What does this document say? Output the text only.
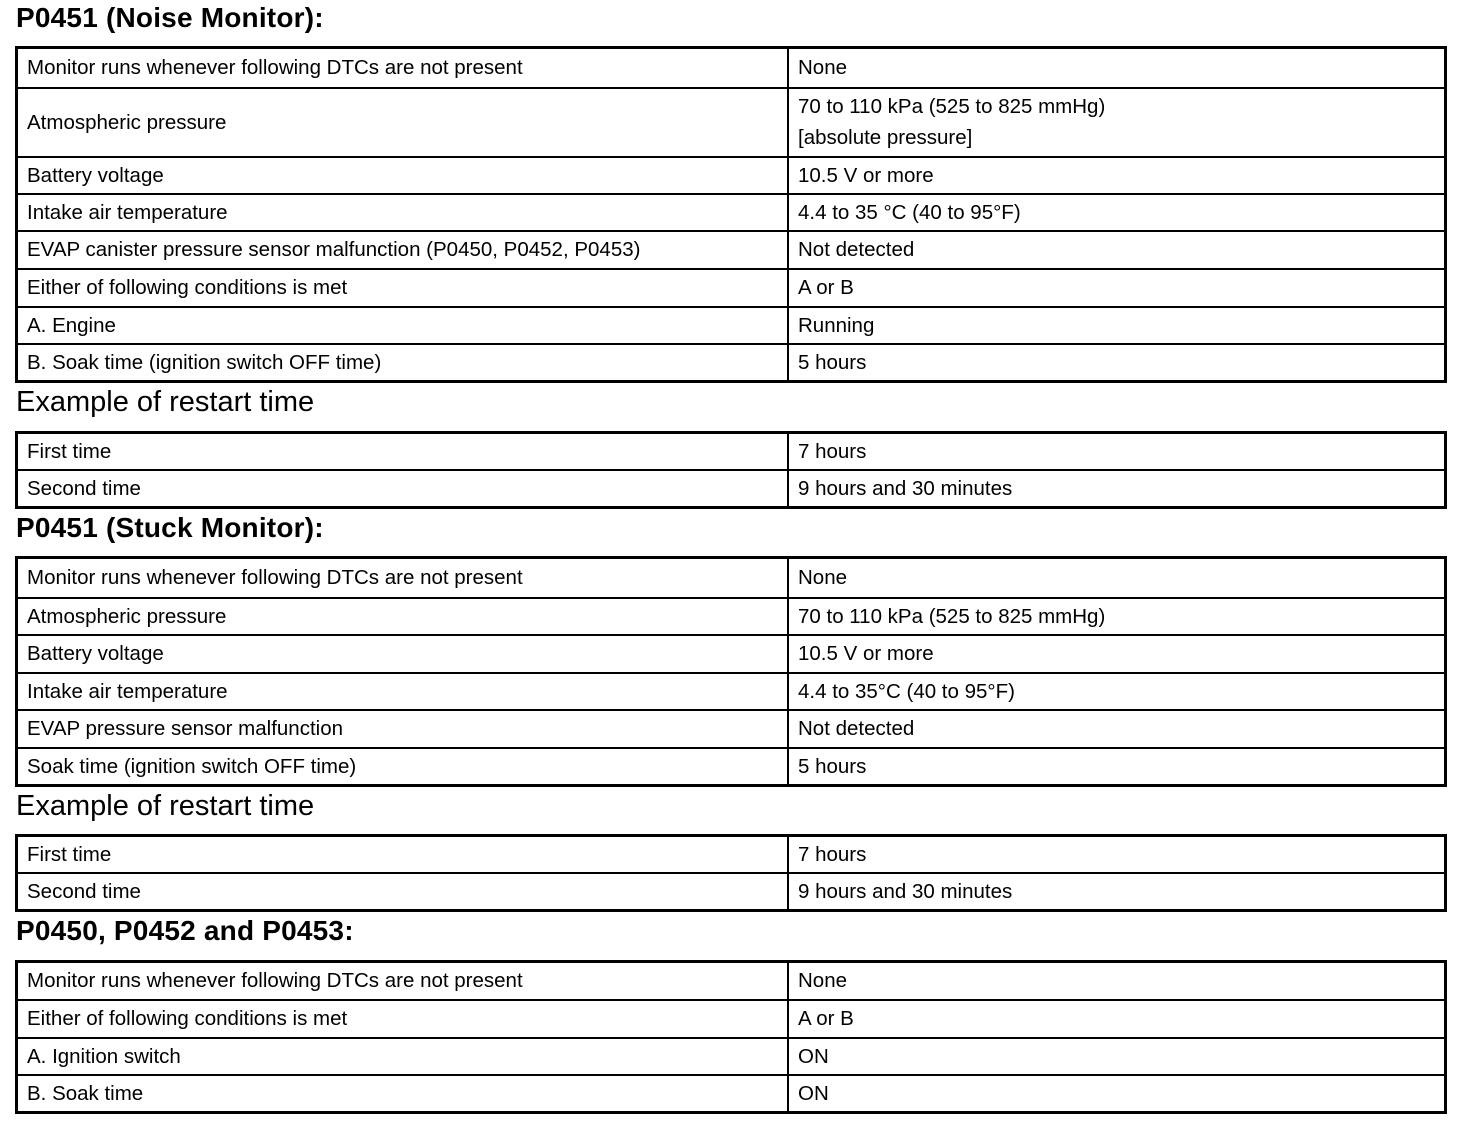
P0451 (Noise Monitor):
Monitor runs whenever following DTCs are not present	None
Atmospheric pressure	70 to 110 kPa (525 to 825 mmHg)
[absolute pressure]
Battery voltage	10.5 V or more
Intake air temperature	4.4 to 35 °C (40 to 95°F)
EVAP canister pressure sensor malfunction (P0450, P0452, P0453)	Not detected
Either of following conditions is met	A or B
A. Engine	Running
B. Soak time (ignition switch OFF time)	5 hours
Example of restart time
First time	7 hours
Second time	9 hours and 30 minutes
P0451 (Stuck Monitor):
Monitor runs whenever following DTCs are not present	None
Atmospheric pressure	70 to 110 kPa (525 to 825 mmHg)
Battery voltage	10.5 V or more
Intake air temperature	4.4 to 35°C (40 to 95°F)
EVAP pressure sensor malfunction	Not detected
Soak time (ignition switch OFF time)	5 hours
Example of restart time
First time	7 hours
Second time	9 hours and 30 minutes
P0450, P0452 and P0453:
Monitor runs whenever following DTCs are not present	None
Either of following conditions is met	A or B
A. Ignition switch	ON
B. Soak time	ON
